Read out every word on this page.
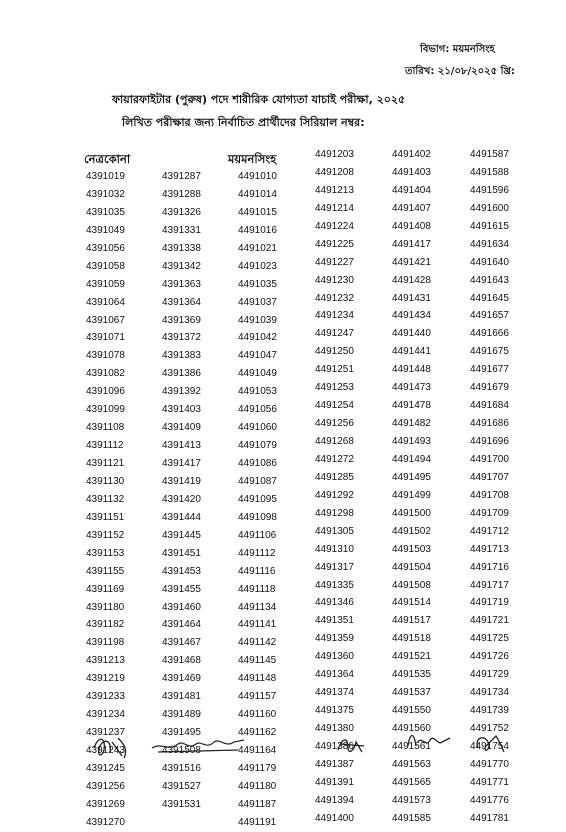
বিভাগ: ময়মনসিংহ
তারিখ: ২১/০৮/২০২৫ খ্রি:
ফায়ারফাইটার (পুরুষ) পদে শারীরিক যোগ্যতা যাচাই পরীক্ষা, ২০২৫
লিখিত পরীক্ষার জন্য নির্বাচিত প্রার্থীদের সিরিয়াল নম্বর:
নেত্রকোনা
4391019
4391032
4391035
4391049
4391056
4391058
4391059
4391064
4391067
4391071
4391078
4391082
4391096
4391099
4391108
4391112
4391121
4391130
4391132
4391151
4391152
4391153
4391155
4391169
4391180
4391182
4391198
4391213
4391219
4391233
4391234
4391237
4391243
4391245
4391256
4391269
4391270
4391287
4391288
4391326
4391331
4391338
4391342
4391363
4391364
4391369
4391372
4391383
4391386
4391392
4391403
4391409
4391413
4391417
4391419
4391420
4391444
4391445
4391451
4391453
4391455
4391460
4391464
4391467
4391468
4391469
4391481
4391489
4391495
4391508
4391516
4391527
4391531
ময়মনসিংহ
4491010
4491014
4491015
4491016
4491021
4491023
4491035
4491037
4491039
4491042
4491047
4491049
4491053
4491056
4491060
4491079
4491086
4491087
4491095
4491098
4491106
4491112
4491116
4491118
4491134
4491141
4491142
4491145
4491148
4491157
4491160
4491162
4491164
4491179
4491180
4491187
4491191
4491203
4491208
4491213
4491214
4491224
4491225
4491227
4491230
4491232
4491234
4491247
4491250
4491251
4491253
4491254
4491256
4491268
4491272
4491285
4491292
4491298
4491305
4491310
4491317
4491335
4491346
4491351
4491359
4491360
4491364
4491374
4491375
4491380
4491386
4491387
4491391
4491394
4491400
4491402
4491403
4491404
4491407
4491408
4491417
4491421
4491428
4491431
4491434
4491440
4491441
4491448
4491473
4491478
4491482
4491493
4491494
4491495
4491499
4491500
4491502
4491503
4491504
4491508
4491514
4491517
4491518
4491521
4491535
4491537
4491550
4491560
4491561
4491563
4491565
4491573
4491585
4491587
4491588
4491596
4491600
4491615
4491634
4491640
4491643
4491645
4491657
4491666
4491675
4491677
4491679
4491684
4491686
4491696
4491700
4491707
4491708
4491709
4491712
4491713
4491716
4491717
4491719
4491721
4491725
4491726
4491729
4491734
4491739
4491752
4491754
4491770
4491771
4491776
4491781
